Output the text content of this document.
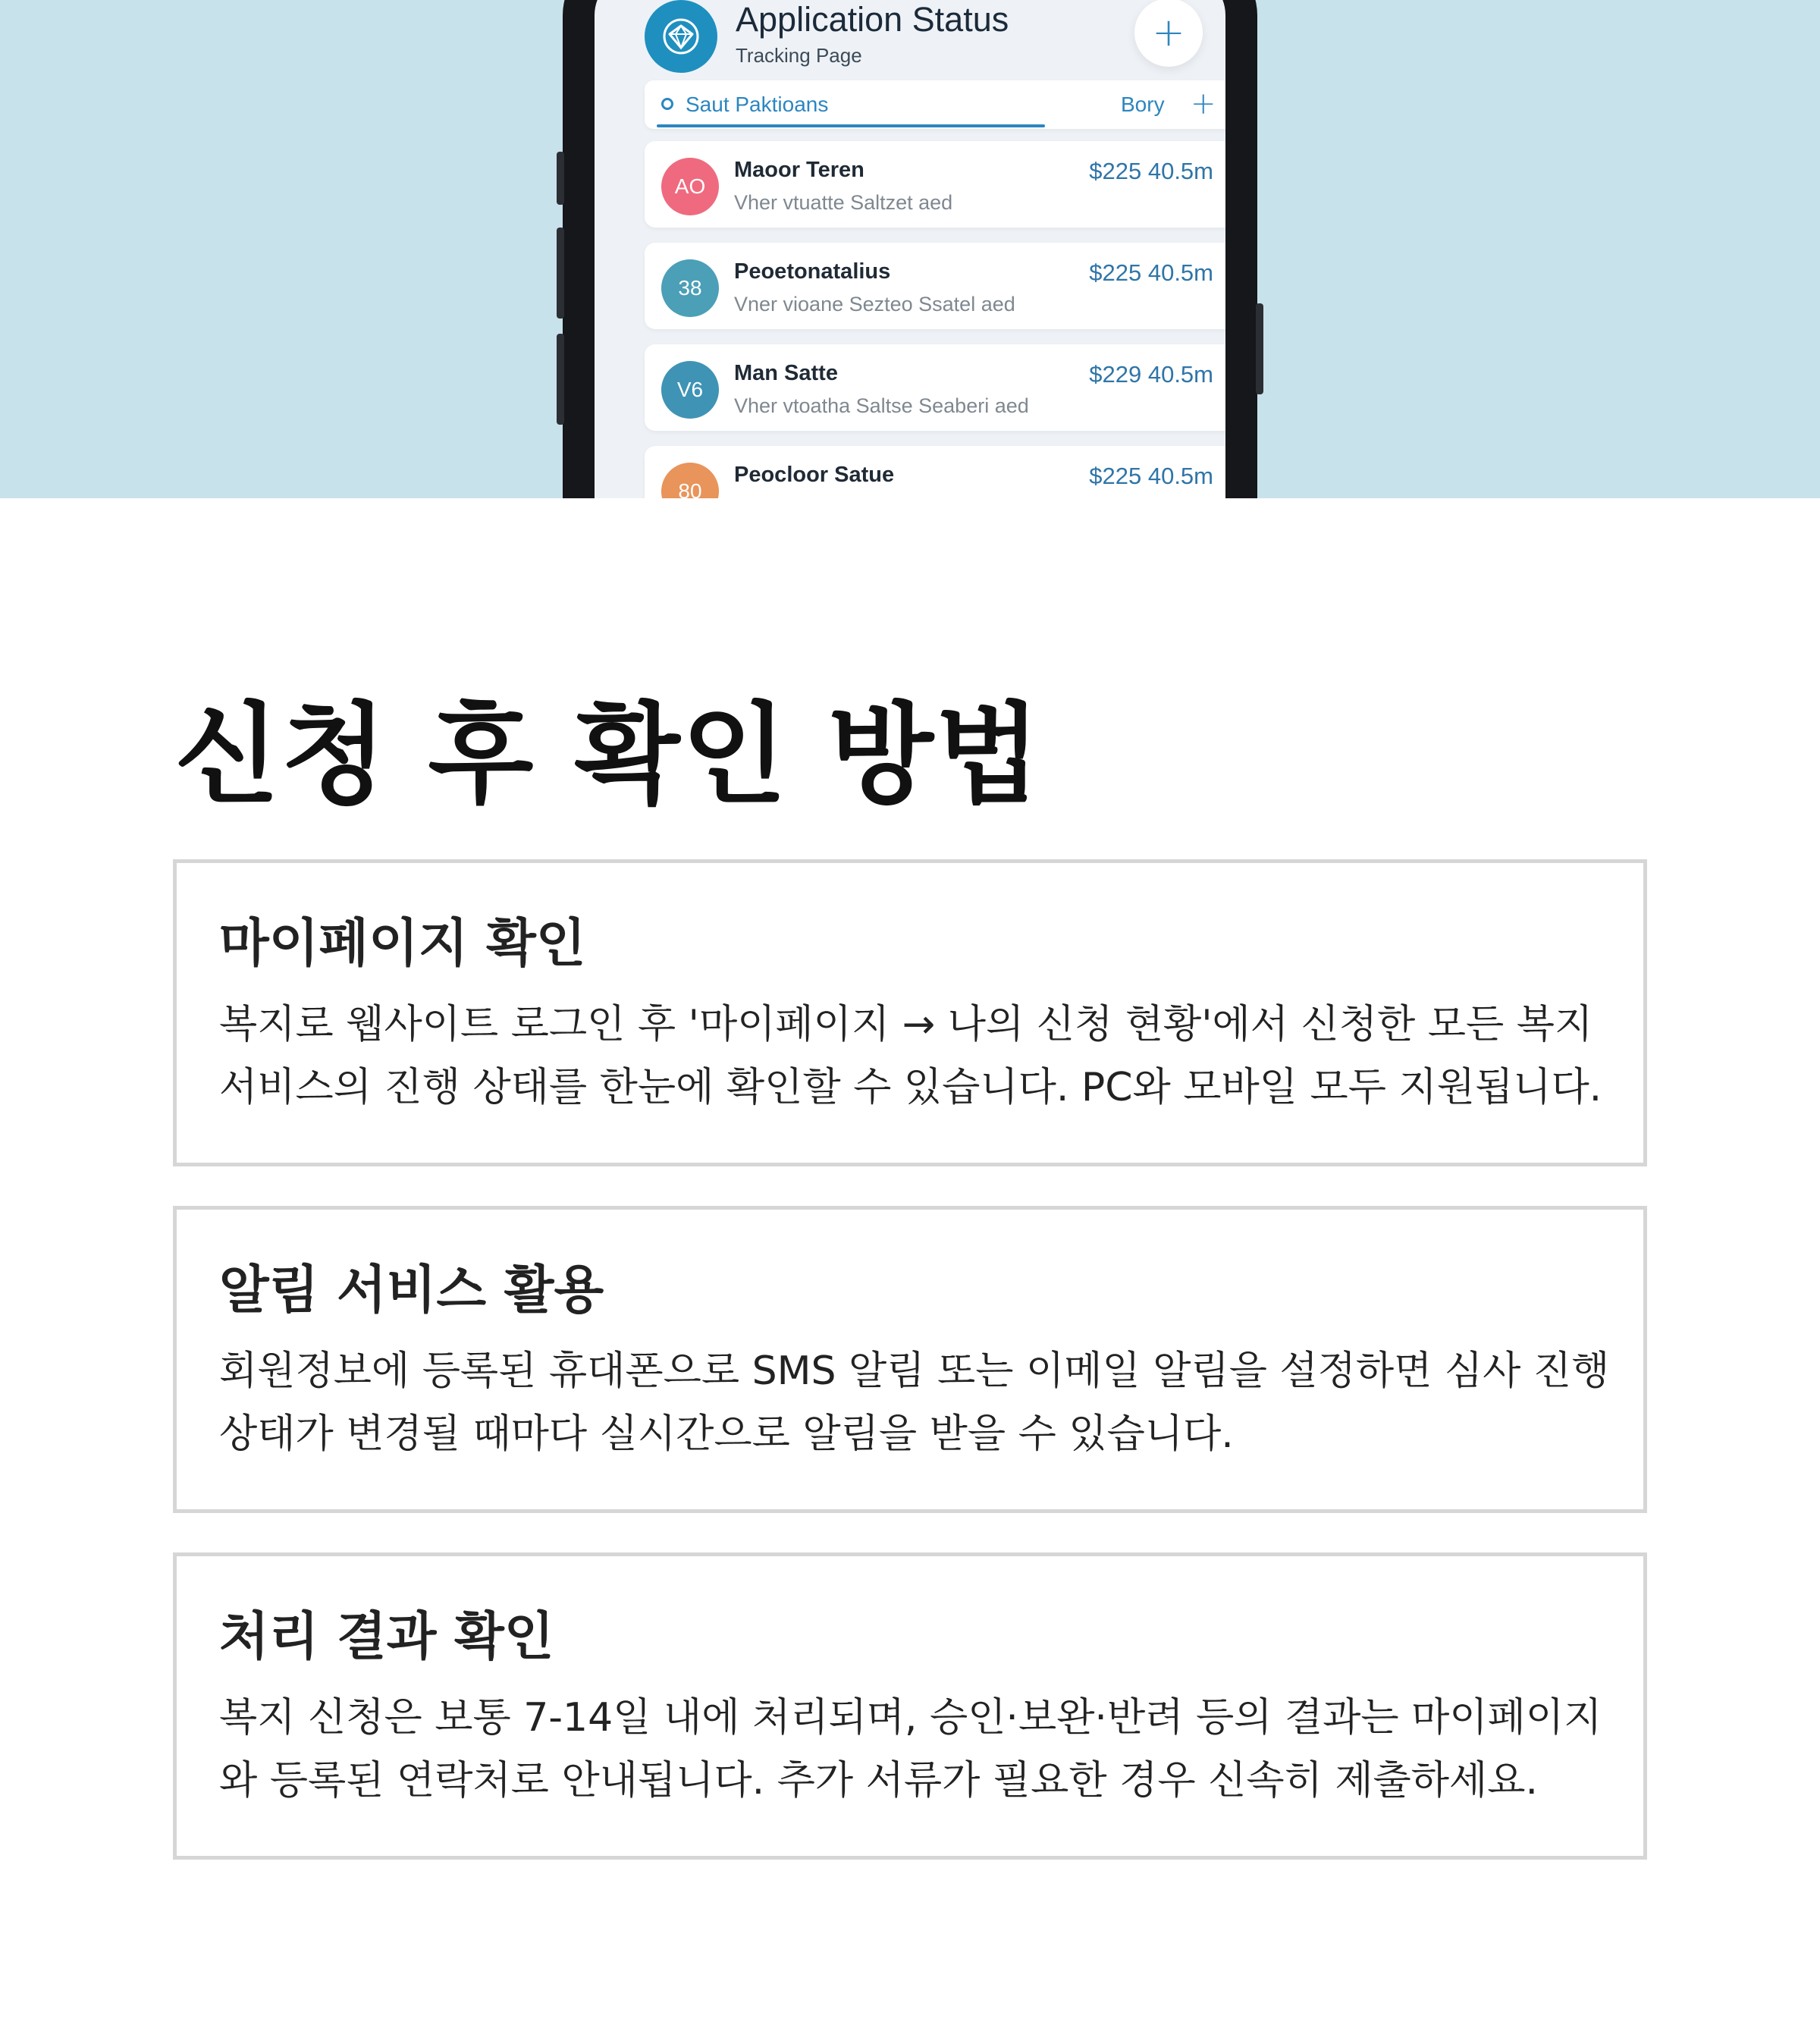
Application Status
Tracking Page	+
Saut Paktioans	Bory +
AO
Maoor Teren
Vher vtuatte Saltzet aed
$225 40.5m
38
Peoetonatalius
Vner vioane Sezteo Ssatel aed
$225 40.5m
V6
Man Satte
Vher vtoatha Saltse Seaberi aed
$229 40.5m
80
Peocloor Satue	$225 40.5m
신청 후 확인 방법
마이페이지 확인
복지로 웹사이트 로그인 후 '마이페이지 → 나의 신청 현황'에서 신청한 모든 복지서비스의 진행 상태를 한눈에 확인할 수 있습니다. PC와 모바일 모두 지원됩니다.
알림 서비스 활용
회원정보에 등록된 휴대폰으로 SMS 알림 또는 이메일 알림을 설정하면 심사 진행 상태가 변경될 때마다 실시간으로 알림을 받을 수 있습니다.
처리 결과 확인
복지 신청은 보통 7-14일 내에 처리되며, 승인·보완·반려 등의 결과는 마이페이지와 등록된 연락처로 안내됩니다. 추가 서류가 필요한 경우 신속히 제출하세요.
